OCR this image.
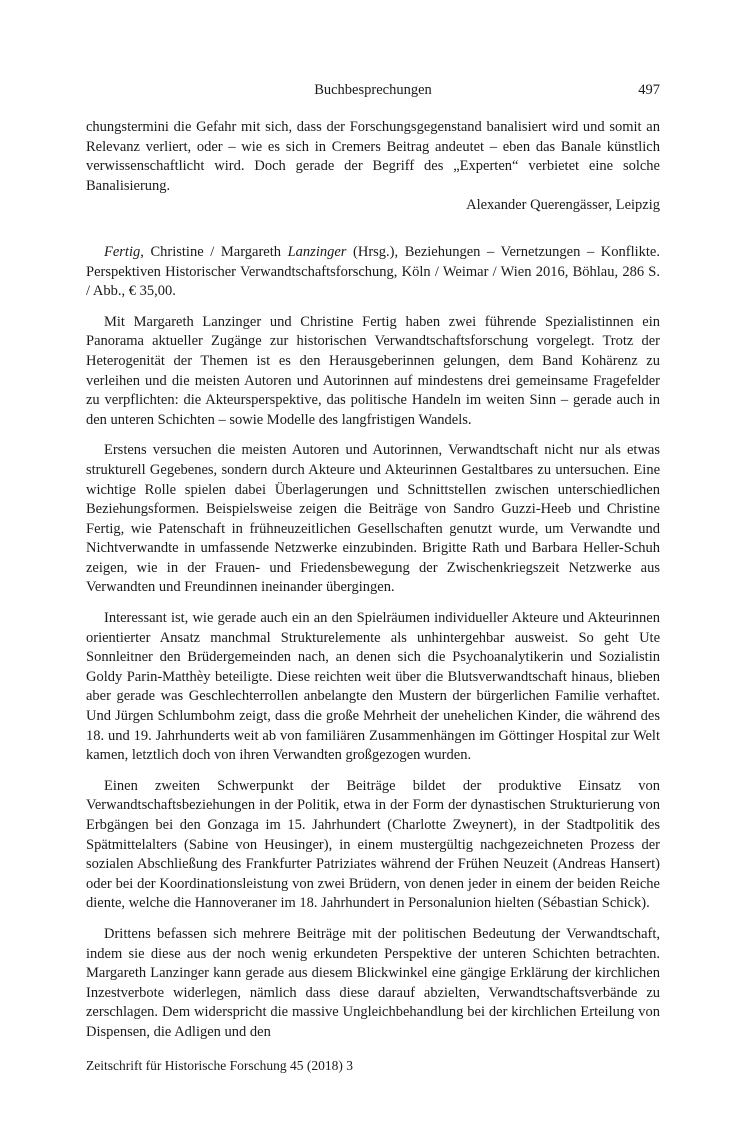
Buchbesprechungen	497

chungstermini die Gefahr mit sich, dass der Forschungsgegenstand banalisiert wird und somit an Relevanz verliert, oder – wie es sich in Cremers Beitrag andeutet – eben das Banale künstlich verwissenschaftlicht wird. Doch gerade der Begriff des „Experten“ verbietet eine solche Banalisierung.

Alexander Querengässer, Leipzig

Fertig, Christine / Margareth Lanzinger (Hrsg.), Beziehungen – Vernetzungen – Konflikte. Perspektiven Historischer Verwandtschaftsforschung, Köln / Weimar / Wien 2016, Böhlau, 286 S. / Abb., € 35,00.

Mit Margareth Lanzinger und Christine Fertig haben zwei führende Spezialistinnen ein Panorama aktueller Zugänge zur historischen Verwandtschaftsforschung vorgelegt. Trotz der Heterogenität der Themen ist es den Herausgeberinnen gelungen, dem Band Kohärenz zu verleihen und die meisten Autoren und Autorinnen auf mindestens drei gemeinsame Fragefelder zu verpflichten: die Akteursperspektive, das politische Handeln im weiten Sinn – gerade auch in den unteren Schichten – sowie Modelle des langfristigen Wandels.

Erstens versuchen die meisten Autoren und Autorinnen, Verwandtschaft nicht nur als etwas strukturell Gegebenes, sondern durch Akteure und Akteurinnen Gestaltbares zu untersuchen. Eine wichtige Rolle spielen dabei Überlagerungen und Schnittstellen zwischen unterschiedlichen Beziehungsformen. Beispielsweise zeigen die Beiträge von Sandro Guzzi-Heeb und Christine Fertig, wie Patenschaft in frühneuzeitlichen Gesellschaften genutzt wurde, um Verwandte und Nichtverwandte in umfassende Netzwerke einzubinden. Brigitte Rath und Barbara Heller-Schuh zeigen, wie in der Frauen- und Friedensbewegung der Zwischenkriegszeit Netzwerke aus Verwandten und Freundinnen ineinander übergingen.

Interessant ist, wie gerade auch ein an den Spielräumen individueller Akteure und Akteurinnen orientierter Ansatz manchmal Strukturelemente als unhintergehbar ausweist. So geht Ute Sonnleitner den Brüdergemeinden nach, an denen sich die Psychoanalytikerin und Sozialistin Goldy Parin-Matthèy beteiligte. Diese reichten weit über die Blutsverwandtschaft hinaus, blieben aber gerade was Geschlechterrollen anbelangte den Mustern der bürgerlichen Familie verhaftet. Und Jürgen Schlumbohm zeigt, dass die große Mehrheit der unehelichen Kinder, die während des 18. und 19. Jahrhunderts weit ab von familiären Zusammenhängen im Göttinger Hospital zur Welt kamen, letztlich doch von ihren Verwandten großgezogen wurden.

Einen zweiten Schwerpunkt der Beiträge bildet der produktive Einsatz von Verwandtschaftsbeziehungen in der Politik, etwa in der Form der dynastischen Strukturierung von Erbgängen bei den Gonzaga im 15. Jahrhundert (Charlotte Zweynert), in der Stadtpolitik des Spätmittelalters (Sabine von Heusinger), in einem mustergültig nachgezeichneten Prozess der sozialen Abschließung des Frankfurter Patriziates während der Frühen Neuzeit (Andreas Hansert) oder bei der Koordinationsleistung von zwei Brüdern, von denen jeder in einem der beiden Reiche diente, welche die Hannoveraner im 18. Jahrhundert in Personalunion hielten (Sébastian Schick).

Drittens befassen sich mehrere Beiträge mit der politischen Bedeutung der Verwandtschaft, indem sie diese aus der noch wenig erkundeten Perspektive der unteren Schichten betrachten. Margareth Lanzinger kann gerade aus diesem Blickwinkel eine gängige Erklärung der kirchlichen Inzestverbote widerlegen, nämlich dass diese darauf abzielten, Verwandtschaftsverbände zu zerschlagen. Dem widerspricht die massive Ungleichbehandlung bei der kirchlichen Erteilung von Dispensen, die Adligen und den

Zeitschrift für Historische Forschung 45 (2018) 3
